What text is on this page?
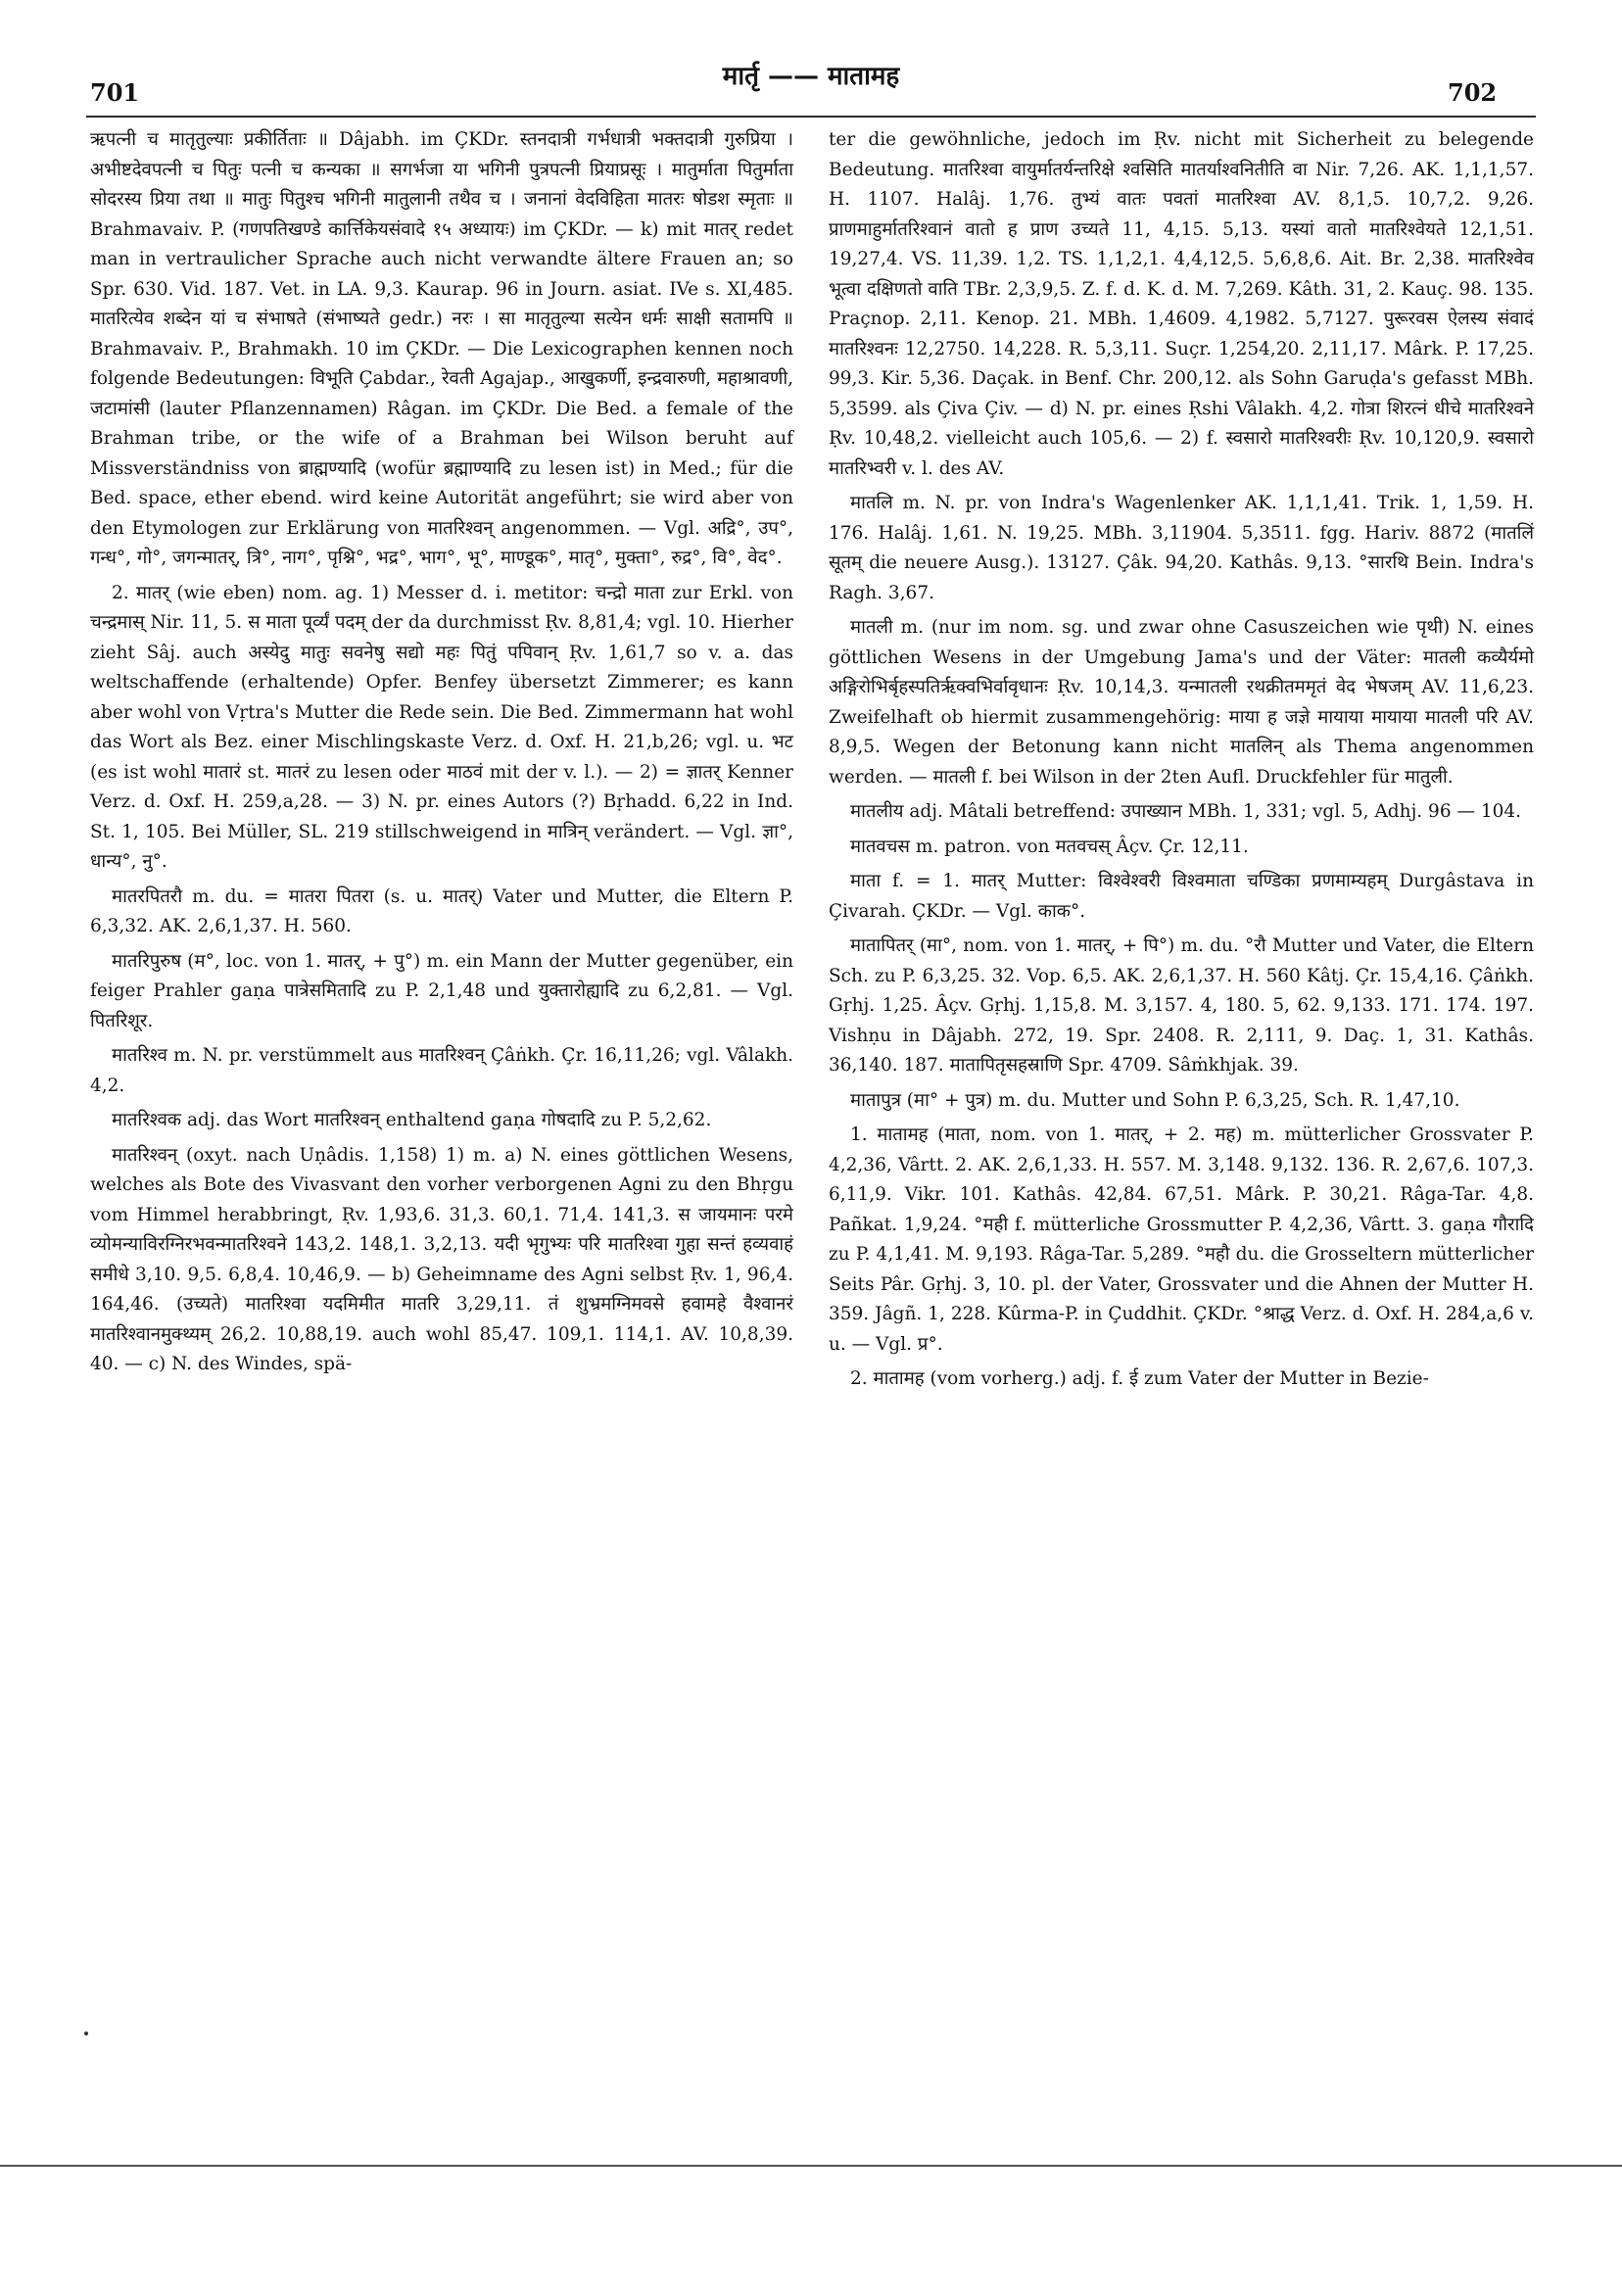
701
मार्तृ —— मातामह
702

ऋपत्नी च मातृतुल्याः प्रकीर्तिताः ॥ Dâjabh. im ÇKDr. स्तनदात्री गर्भधात्री भक्तदात्री गुरुप्रिया । अभीष्टदेवपत्नी च पितुः पत्नी च कन्यका ॥ सगर्भजा या भगिनी पुत्रपत्नी प्रियाप्रसूः । मातुर्माता पितुर्माता सोदरस्य प्रिया तथा ॥ मातुः पितुश्च भगिनी मातुलानी तथैव च । जनानां वेदविहिता मातरः षोडश स्मृताः ॥ Brahmavaiv. P. (गणपतिखण्डे कार्त्तिकेयसंवादे १५ अध्यायः) im ÇKDr. — k) mit मातर् redet man in vertraulicher Sprache auch nicht verwandte ältere Frauen an; so Spr. 630. Vid. 187. Vet. in LA. 9,3. Kaurap. 96 in Journ. asiat. IVe s. XI,485. मातरित्येव शब्देन यां च संभाषते (संभाष्यते gedr.) नरः । सा मातृतुल्या सत्येन धर्मः साक्षी सतामपि ॥ Brahmavaiv. P., Brahmakh. 10 im ÇKDr. — Die Lexicographen kennen noch folgende Bedeutungen: विभूति Çabdar., रेवती Agajap., आखुकर्णी, इन्द्रवारुणी, महाश्रावणी, जटामांसी (lauter Pflanzennamen) Râgan. im ÇKDr. Die Bed. a female of the Brahman tribe, or the wife of a Brahman bei Wilson beruht auf Missverständniss von ब्राह्मण्यादि (wofür ब्रह्माण्यादि zu lesen ist) in Med.; für die Bed. space, ether ebend. wird keine Autorität angeführt; sie wird aber von den Etymologen zur Erklärung von मातरिश्वन् angenommen. — Vgl. अद्रि°, उप°, गन्ध°, गो°, जगन्मातर्, त्रि°, नाग°, पृश्नि°, भद्र°, भाग°, भू°, माण्डूक°, मातृ°, मुक्ता°, रुद्र°, वि°, वेद°.

2. मातर् (wie eben) nom. ag. 1) Messer d. i. metitor: चन्द्रो माता zur Erkl. von चन्द्रमास् Nir. 11, 5. स माता पूर्व्यं पदम् der da durchmisst Ṛv. 8,81,4; vgl. 10. Hierher zieht Sâj. auch अस्येदु मातुः सवनेषु सद्यो महः पितुं पपिवान् Ṛv. 1,61,7 so v. a. das weltschaffende (erhaltende) Opfer. Benfey übersetzt Zimmerer; es kann aber wohl von Vṛtra's Mutter die Rede sein. Die Bed. Zimmermann hat wohl das Wort als Bez. einer Mischlingskaste Verz. d. Oxf. H. 21,b,26; vgl. u. भट (es ist wohl मातारं st. मातरं zu lesen oder माठवं mit der v. l.). — 2) = ज्ञातर् Kenner Verz. d. Oxf. H. 259,a,28. — 3) N. pr. eines Autors (?) Bṛhadd. 6,22 in Ind. St. 1, 105. Bei Müller, SL. 219 stillschweigend in मात्रिन् verändert. — Vgl. ज्ञा°, धान्य°, नु°.

मातरपितरौ m. du. = मातरा पितरा (s. u. मातर्) Vater und Mutter, die Eltern P. 6,3,32. AK. 2,6,1,37. H. 560.

मातरिपुरुष (म°, loc. von 1. मातर्, + पु°) m. ein Mann der Mutter gegenüber, ein feiger Prahler gaṇa पात्रेसमितादि zu P. 2,1,48 und युक्तारोह्यादि zu 6,2,81. — Vgl. पितरिशूर.

मातरिश्व m. N. pr. verstümmelt aus मातरिश्वन् Çâṅkh. Çr. 16,11,26; vgl. Vâlakh. 4,2.

मातरिश्वक adj. das Wort मातरिश्वन् enthaltend gaṇa गोषदादि zu P. 5,2,62.

मातरिश्वन् (oxyt. nach Uṇâdis. 1,158) 1) m. a) N. eines göttlichen Wesens, welches als Bote des Vivasvant den vorher verborgenen Agni zu den Bhṛgu vom Himmel herabbringt, Ṛv. 1,93,6. 31,3. 60,1. 71,4. 141,3. स जायमानः परमे व्योमन्याविरग्निरभवन्मातरिश्वने 143,2. 148,1. 3,2,13. यदी भृगुभ्यः परि मातरिश्वा गुहा सन्तं हव्यवाहं समीधे 3,10. 9,5. 6,8,4. 10,46,9. — b) Geheimname des Agni selbst Ṛv. 1, 96,4. 164,46. (उच्यते) मातरिश्वा यदमिमीत मातरि 3,29,11. तं शुभ्रमग्निमवसे हवामहे वैश्वानरं मातरिश्वानमुक्थ्यम् 26,2. 10,88,19. auch wohl 85,47. 109,1. 114,1. AV. 10,8,39. 40. — c) N. des Windes, spä-

ter die gewöhnliche, jedoch im Ṛv. nicht mit Sicherheit zu belegende Bedeutung. मातरिश्वा वायुर्मातर्यन्तरिक्षे श्वसिति मातर्याश्वनितीति वा Nir. 7,26. AK. 1,1,1,57. H. 1107. Halâj. 1,76. तुभ्यं वातः पवतां मातरिश्वा AV. 8,1,5. 10,7,2. 9,26. प्राणमाहुर्मातरिश्वानं वातो ह प्राण उच्यते 11, 4,15. 5,13. यस्यां वातो मातरिश्वेयते 12,1,51. 19,27,4. VS. 11,39. 1,2. TS. 1,1,2,1. 4,4,12,5. 5,6,8,6. Ait. Br. 2,38. मातरिश्वेव भूत्वा दक्षिणतो वाति TBr. 2,3,9,5. Z. f. d. K. d. M. 7,269. Kâth. 31, 2. Kauç. 98. 135. Praçnop. 2,11. Kenop. 21. MBh. 1,4609. 4,1982. 5,7127. पुरूरवस ऐलस्य संवादं मातरिश्वनः 12,2750. 14,228. R. 5,3,11. Suçr. 1,254,20. 2,11,17. Mârk. P. 17,25. 99,3. Kir. 5,36. Daçak. in Benf. Chr. 200,12. als Sohn Garuḍa's gefasst MBh. 5,3599. als Çiva Çiv. — d) N. pr. eines Ṛshi Vâlakh. 4,2. गोत्रा शिरत्नं धीचे मातरिश्वने Ṛv. 10,48,2. vielleicht auch 105,6. — 2) f. स्वसारो मातरिश्वरीः Ṛv. 10,120,9. स्वसारो मातरिभ्वरी v. l. des AV.

मातलि m. N. pr. von Indra's Wagenlenker AK. 1,1,1,41. Trik. 1, 1,59. H. 176. Halâj. 1,61. N. 19,25. MBh. 3,11904. 5,3511. fgg. Hariv. 8872 (मातलिं सूतम् die neuere Ausg.). 13127. Çâk. 94,20. Kathâs. 9,13. °सारथि Bein. Indra's Ragh. 3,67.

मातली m. (nur im nom. sg. und zwar ohne Casuszeichen wie पृथी) N. eines göttlichen Wesens in der Umgebung Jama's und der Väter: मातली कव्यैर्यमो अङ्गिरोभिर्बृहस्पतिर्ऋक्वभिर्वावृधानः Ṛv. 10,14,3. यन्मातली रथक्रीतममृतं वेद भेषजम् AV. 11,6,23. Zweifelhaft ob hiermit zusammengehörig: माया ह जज्ञे मायाया मायाया मातली परि AV. 8,9,5. Wegen der Betonung kann nicht मातलिन् als Thema angenommen werden. — मातली f. bei Wilson in der 2ten Aufl. Druckfehler für मातुली.

मातलीय adj. Mâtali betreffend: उपाख्यान MBh. 1, 331; vgl. 5, Adhj. 96 — 104.

मातवचस m. patron. von मतवचस् Âçv. Çr. 12,11.

माता f. = 1. मातर् Mutter: विश्वेश्वरी विश्वमाता चण्डिका प्रणमाम्यहम् Durgâstava in Çivarah. ÇKDr. — Vgl. काक°.

मातापितर् (मा°, nom. von 1. मातर्, + पि°) m. du. °रौ Mutter und Vater, die Eltern Sch. zu P. 6,3,25. 32. Vop. 6,5. AK. 2,6,1,37. H. 560 Kâtj. Çr. 15,4,16. Çâṅkh. Gṛhj. 1,25. Âçv. Gṛhj. 1,15,8. M. 3,157. 4, 180. 5, 62. 9,133. 171. 174. 197. Vishṇu in Dâjabh. 272, 19. Spr. 2408. R. 2,111, 9. Daç. 1, 31. Kathâs. 36,140. 187. मातापितृसहस्राणि Spr. 4709. Sâṁkhjak. 39.

मातापुत्र (मा° + पुत्र) m. du. Mutter und Sohn P. 6,3,25, Sch. R. 1,47,10.

1. मातामह (माता, nom. von 1. मातर्, + 2. मह) m. mütterlicher Grossvater P. 4,2,36, Vârtt. 2. AK. 2,6,1,33. H. 557. M. 3,148. 9,132. 136. R. 2,67,6. 107,3. 6,11,9. Vikr. 101. Kathâs. 42,84. 67,51. Mârk. P. 30,21. Râga-Tar. 4,8. Pañkat. 1,9,24. °मही f. mütterliche Grossmutter P. 4,2,36, Vârtt. 3. gaṇa गौरादि zu P. 4,1,41. M. 9,193. Râga-Tar. 5,289. °महौ du. die Grosseltern mütterlicher Seits Pâr. Gṛhj. 3, 10. pl. der Vater, Grossvater und die Ahnen der Mutter H. 359. Jâgñ. 1, 228. Kûrma-P. in Çuddhit. ÇKDr. °श्राद्ध Verz. d. Oxf. H. 284,a,6 v. u. — Vgl. प्र°.

2. मातामह (vom vorherg.) adj. f. ई zum Vater der Mutter in Bezie-
